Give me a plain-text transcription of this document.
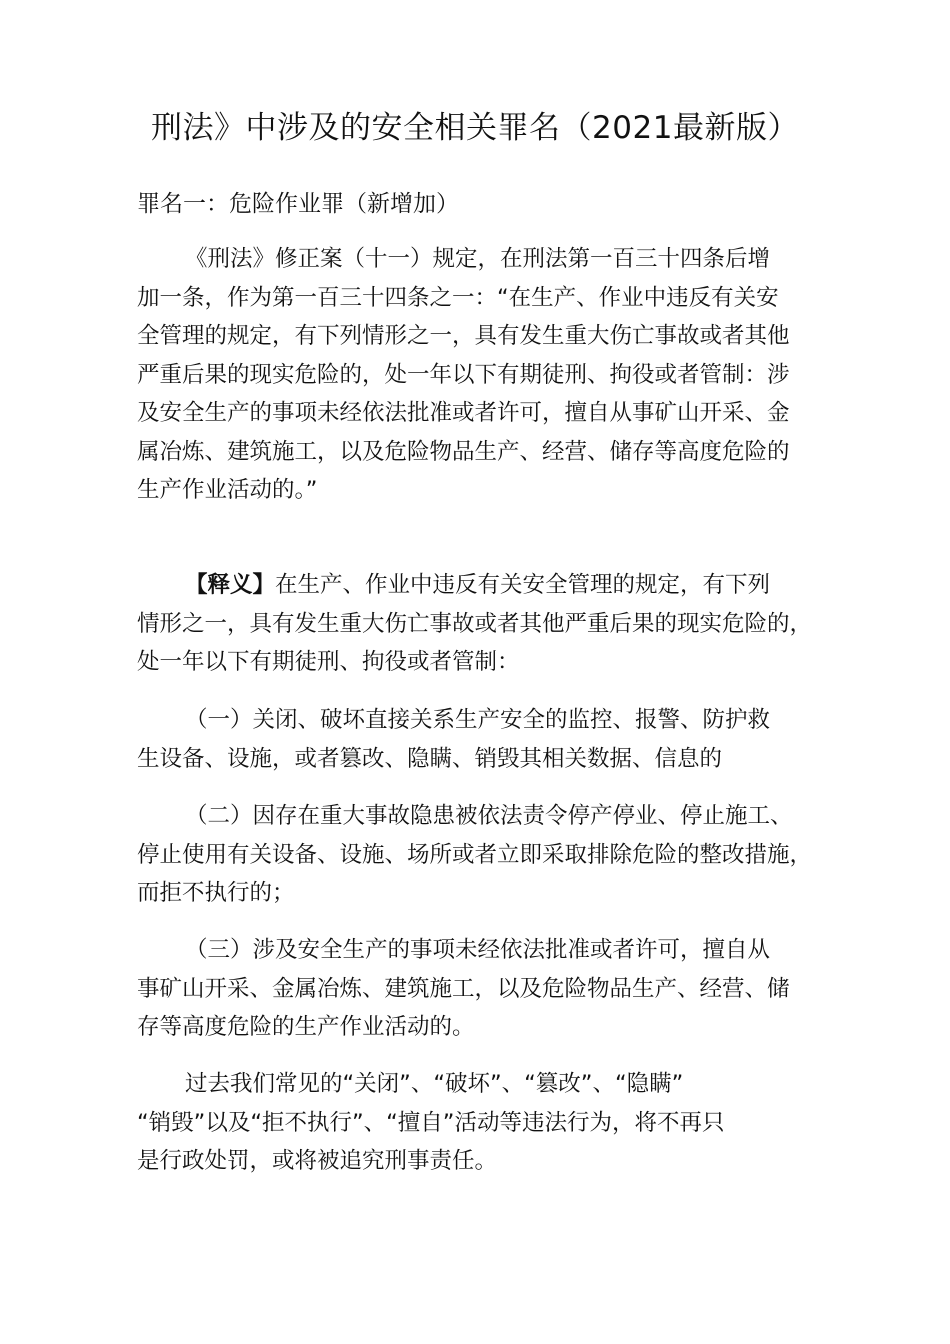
刑法》中涉及的安全相关罪名（2021最新版）
罪名一：危险作业罪（新增加）

《刑法》修正案（十一）规定，在刑法第一百三十四条后增
加一条，作为第一百三十四条之一：“在生产、作业中违反有关安
全管理的规定，有下列情形之一，具有发生重大伤亡事故或者其他
严重后果的现实危险的，处一年以下有期徒刑、拘役或者管制：涉
及安全生产的事项未经依法批准或者许可，擅自从事矿山开采、金
属冶炼、建筑施工，以及危险物品生产、经营、储存等高度危险的
生产作业活动的。”

【释义】在生产、作业中违反有关安全管理的规定，有下列
情形之一，具有发生重大伤亡事故或者其他严重后果的现实危险的，
处一年以下有期徒刑、拘役或者管制：

（一）关闭、破坏直接关系生产安全的监控、报警、防护救
生设备、设施，或者篡改、隐瞒、销毁其相关数据、信息的

（二）因存在重大事故隐患被依法责令停产停业、停止施工、
停止使用有关设备、设施、场所或者立即采取排除危险的整改措施，
而拒不执行的；

（三）涉及安全生产的事项未经依法批准或者许可，擅自从
事矿山开采、金属冶炼、建筑施工，以及危险物品生产、经营、储
存等高度危险的生产作业活动的。

过去我们常见的“关闭”、“破坏”、“篡改”、“隐瞒”
“销毁”以及“拒不执行”、“擅自”活动等违法行为，将不再只
是行政处罚，或将被追究刑事责任。
